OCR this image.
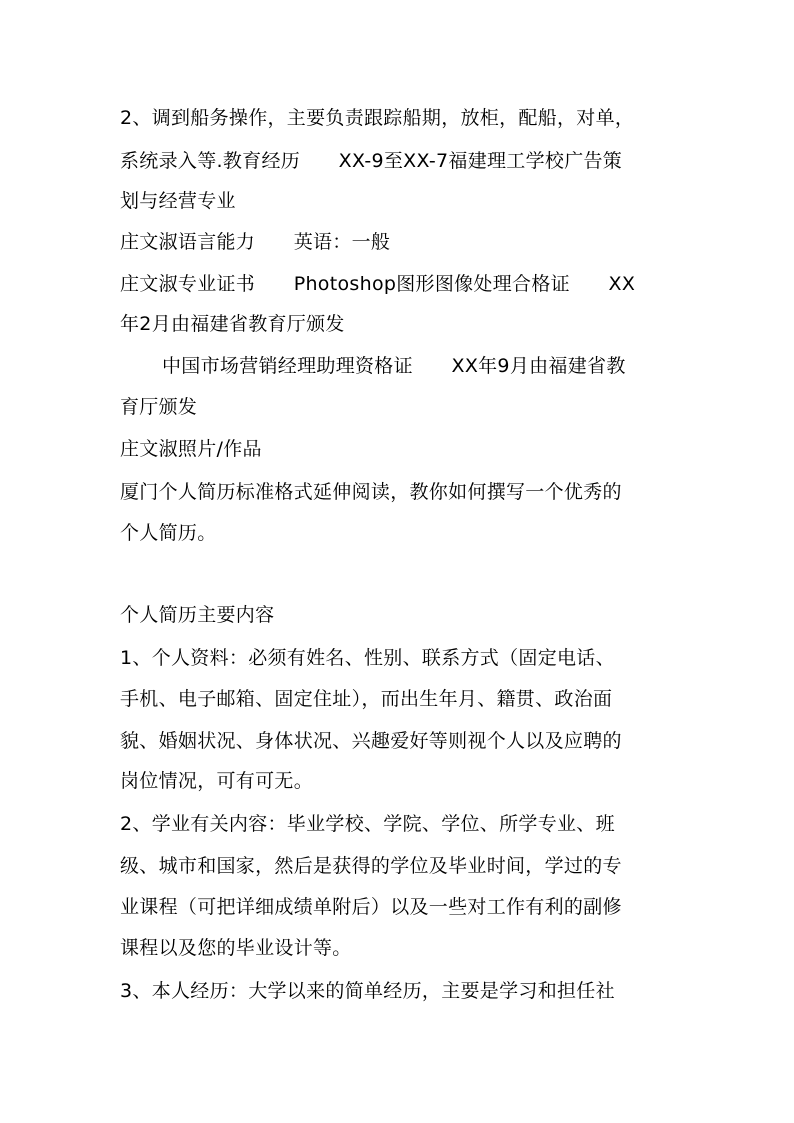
2、调到船务操作，主要负责跟踪船期，放柜，配船，对单，
系统录入等.教育经历　　XX-9至XX-7福建理工学校广告策
划与经营专业
庄文淑语言能力　　英语：一般
庄文淑专业证书　　Photoshop图形图像处理合格证　　XX
年2月由福建省教育厅颁发
中国市场营销经理助理资格证　　XX年9月由福建省教
育厅颁发
庄文淑照片/作品
厦门个人简历标准格式延伸阅读，教你如何撰写一个优秀的
个人简历。
个人简历主要内容
1、个人资料：必须有姓名、性别、联系方式（固定电话、
手机、电子邮箱、固定住址），而出生年月、籍贯、政治面
貌、婚姻状况、身体状况、兴趣爱好等则视个人以及应聘的
岗位情况，可有可无。
2、学业有关内容：毕业学校、学院、学位、所学专业、班
级、城市和国家，然后是获得的学位及毕业时间，学过的专
业课程（可把详细成绩单附后）以及一些对工作有利的副修
课程以及您的毕业设计等。
3、本人经历：大学以来的简单经历，主要是学习和担任社
